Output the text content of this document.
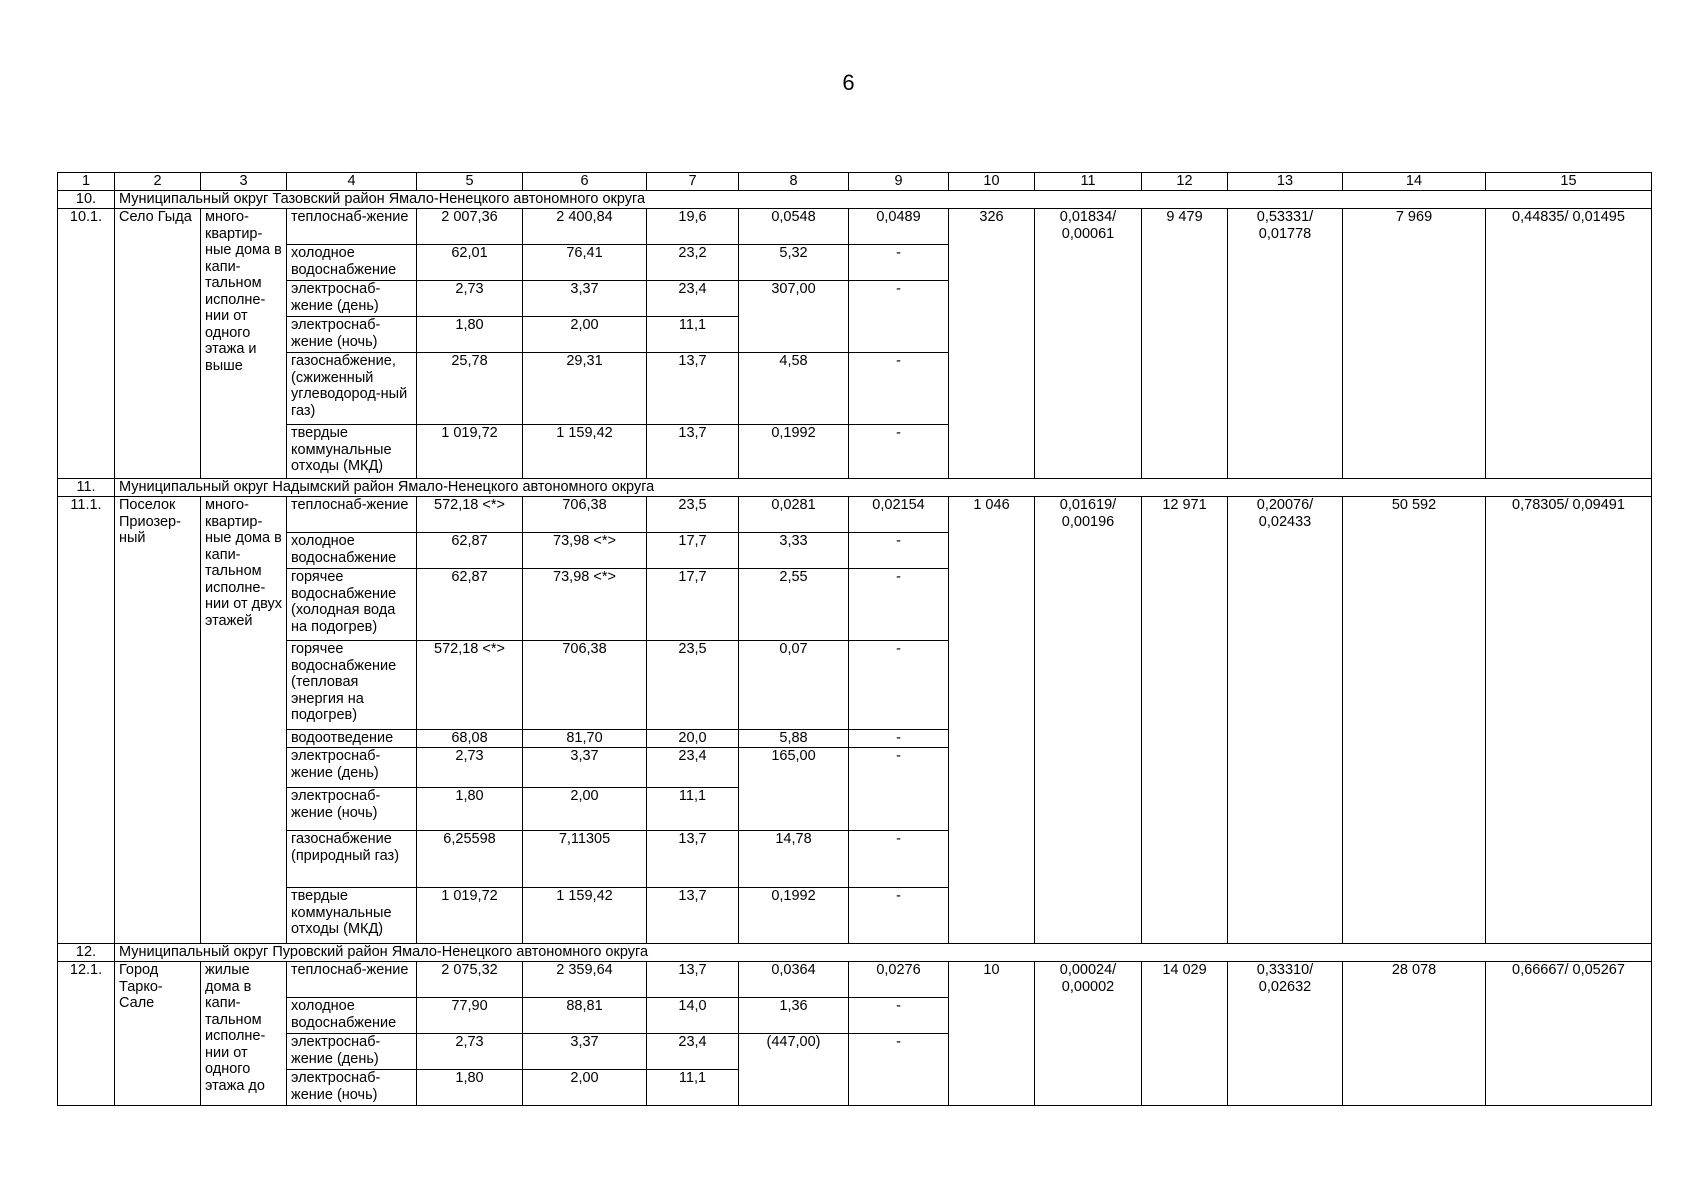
6
1	2	3	4	5	6	7	8	9	10	11	12	13	14	15
10.	Муниципальный округ Тазовский район Ямало-Ненецкого автономного округа													
10.1.	Село Гыда	много-квартир-ные дома в капи-тальном исполне-нии от одного этажа и выше	теплоснаб-жение	2 007,36	2 400,84	19,6	0,0548	0,0489	326	0,01834/ 0,00061	9 479	0,53331/ 0,01778	7 969	0,44835/ 0,01495
			холодное водоснабжение	62,01	76,41	23,2	5,32	-						
			электроснаб-жение (день)	2,73	3,37	23,4	307,00	-						
			электроснаб-жение (ночь)	1,80	2,00	11,1								
			газоснабжение, (сжиженный углеводород-ный газ)	25,78	29,31	13,7	4,58	-						
			твердые коммунальные отходы (МКД)	1 019,72	1 159,42	13,7	0,1992	-						
11.	Муниципальный округ Надымский район Ямало-Ненецкого автономного округа													
11.1.	Поселок Приозер-ный	много-квартир-ные дома в капи-тальном исполне-нии от двух этажей	теплоснаб-жение	572,18 <*>	706,38	23,5	0,0281	0,02154	1 046	0,01619/ 0,00196	12 971	0,20076/ 0,02433	50 592	0,78305/ 0,09491
			холодное водоснабжение	62,87	73,98 <*>	17,7	3,33	-						
			горячее водоснабжение (холодная вода на подогрев)	62,87	73,98 <*>	17,7	2,55	-						
			горячее водоснабжение (тепловая энергия на подогрев)	572,18 <*>	706,38	23,5	0,07	-						
			водоотведение	68,08	81,70	20,0	5,88	-						
			электроснаб-жение (день)	2,73	3,37	23,4	165,00	-						
			электроснаб-жение (ночь)	1,80	2,00	11,1								
			газоснабжение (природный газ)	6,25598	7,11305	13,7	14,78	-						
			твердые коммунальные отходы (МКД)	1 019,72	1 159,42	13,7	0,1992	-						
12.	Муниципальный округ Пуровский район Ямало-Ненецкого автономного округа													
12.1.	Город Тарко-Сале	жилые дома в капи-тальном исполне-нии от одного этажа до	теплоснаб-жение	2 075,32	2 359,64	13,7	0,0364	0,0276	10	0,00024/ 0,00002	14 029	0,33310/ 0,02632	28 078	0,66667/ 0,05267
			холодное водоснабжение	77,90	88,81	14,0	1,36	-						
			электроснаб-жение (день)	2,73	3,37	23,4	(447,00)	-						
			электроснаб-жение (ночь)	1,80	2,00	11,1								
